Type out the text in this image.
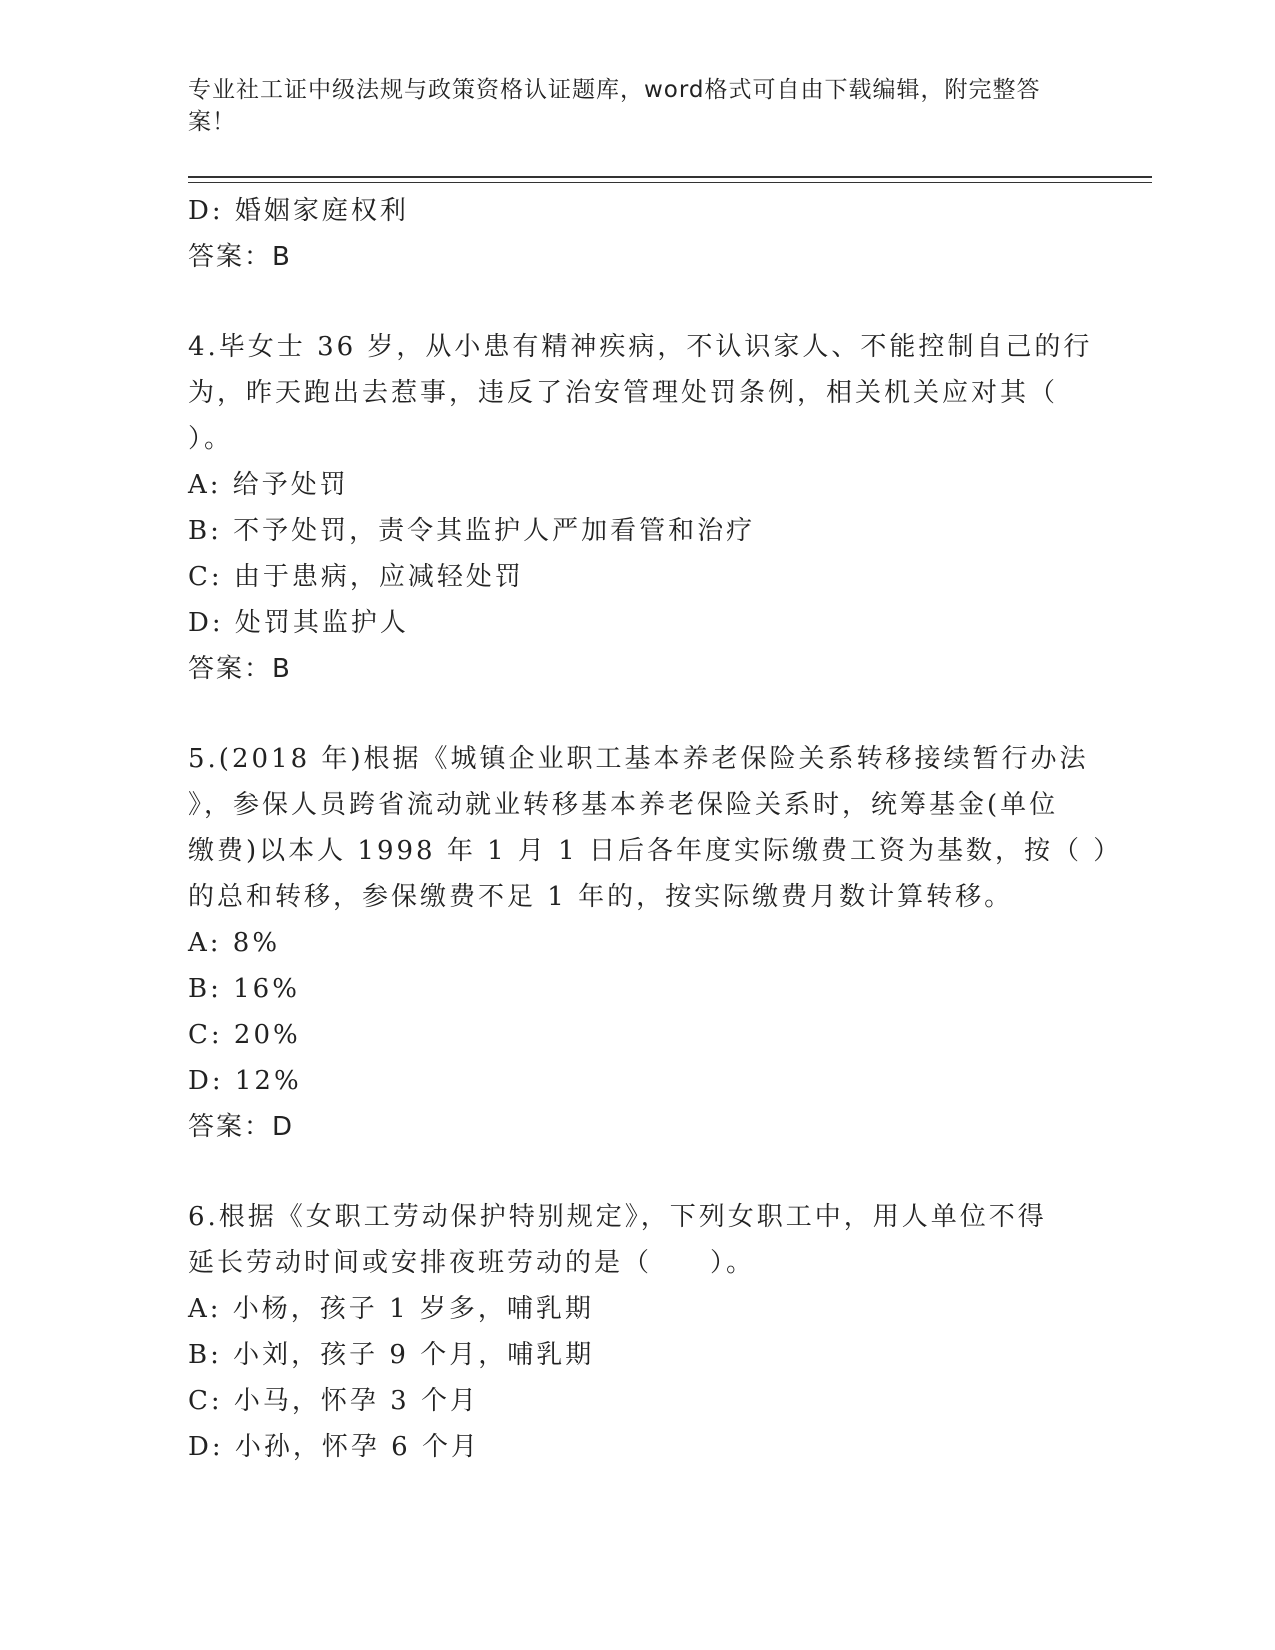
专业社工证中级法规与政策资格认证题库，word格式可自由下载编辑，附完整答
案！
D: 婚姻家庭权利
答案：B
4.毕女士 36 岁，从小患有精神疾病，不认识家人、不能控制自己的行
为，昨天跑出去惹事，违反了治安管理处罚条例，相关机关应对其（
）。
A: 给予处罚
B: 不予处罚，责令其监护人严加看管和治疗
C: 由于患病，应减轻处罚
D: 处罚其监护人
答案：B
5.(2018 年)根据《城镇企业职工基本养老保险关系转移接续暂行办法
》，参保人员跨省流动就业转移基本养老保险关系时，统筹基金(单位
缴费)以本人 1998 年 1 月 1 日后各年度实际缴费工资为基数，按（ ）
的总和转移，参保缴费不足 1 年的，按实际缴费月数计算转移。
A: 8%
B: 16%
C: 20%
D: 12%
答案：D
6.根据《女职工劳动保护特别规定》，下列女职工中，用人单位不得
延长劳动时间或安排夜班劳动的是（　　）。
A: 小杨，孩子 1 岁多，哺乳期
B: 小刘，孩子 9 个月，哺乳期
C: 小马，怀孕 3 个月
D: 小孙，怀孕 6 个月
